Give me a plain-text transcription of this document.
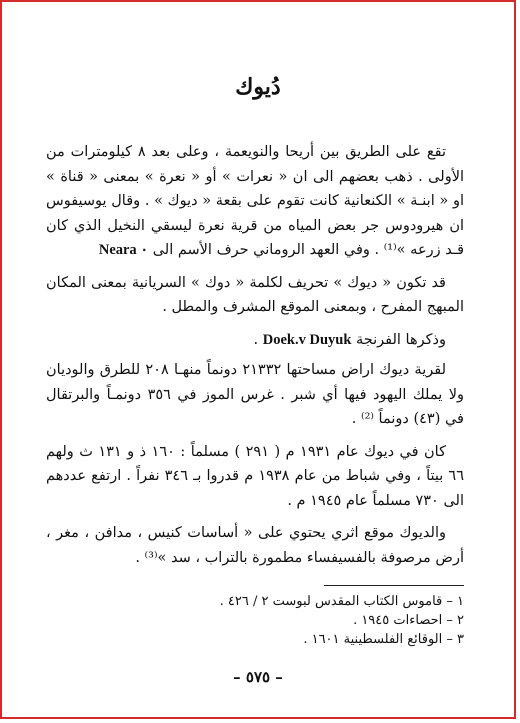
دُيوك

تقع على الطريق بين أريحا والنويعمة ، وعلى بعد ٨ كيلومترات من الأولى . ذهب بعضهم الى ان « نعرات » أو « نعرة » بمعنى « قناة » او « ابنـة » الكنعانية كانت تقوم على بقعة « ديوك » . وقال يوسيفوس ان هيرودوس جر بعض المياه من قرية نعرة ليسقي النخيل الذي كان قـد زرعه »⁽¹⁾ . وفي العهد الروماني حرف الأسم الى Neara ٠

قد تكون « ديوك » تحريف لكلمة « دوك » السريانية بمعنى المكان المبهج المفرح ، وبمعنى الموقع المشرف والمطل .

وذكرها الفرنجة Doek.v Duyuk .

لقرية ديوك اراض مساحتها ٢١٣٣٢ دونماً منهـا ٢٠٨ للطرق والوديان ولا يملك اليهود فيها أي شبر . غرس الموز في ٣٥٦ دونمـاً والبرتقال في (٤٣) دونماً ⁽²⁾ .

كان في ديوك عام ١٩٣١ م ( ٢٩١ ) مسلماً : ١٦٠ ذ و ١٣١ ث ولهم ٦٦ بيتاً ، وفي شباط من عام ١٩٣٨ م قدروا بـ ٣٤٦ نفراً . ارتفع عددهم الى ٧٣٠ مسلماً عام ١٩٤٥ م .

والديوك موقع اثري يحتوي على « أساسات كنيس ، مدافن ، مغر ، أرض مرصوفة بالفسيفساء مطمورة بالتراب ، سد »⁽³⁾ .

١ – قاموس الكتاب المقدس لبوست ٢ / ٤٢٦ .
٢ – احصاءات ١٩٤٥ .
٣ – الوقائع الفلسطينية ١٦٠١ .
– ٥٧٥ –
